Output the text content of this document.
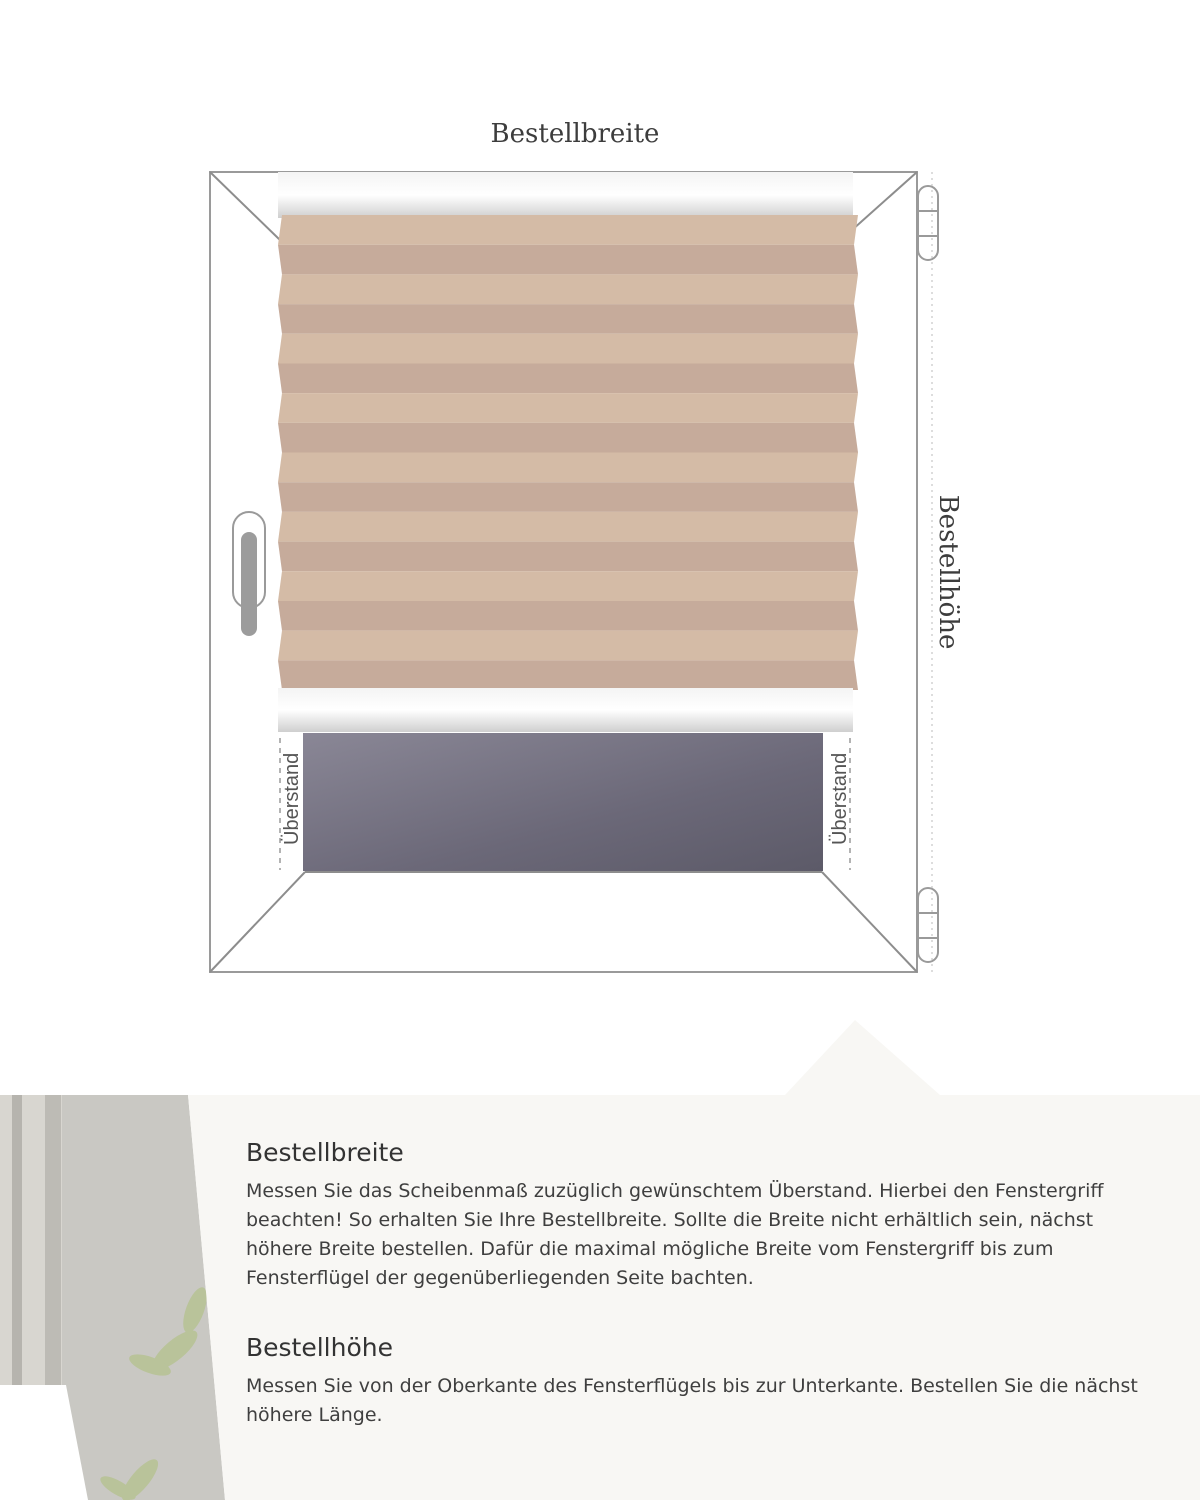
Bestellbreite
Überstand	Überstand
Bestellhöhe
Bestellbreite

Messen Sie das Scheibenmaß zuzüglich gewünschtem Überstand. Hierbei den Fenstergriff beachten! So erhalten Sie Ihre Bestellbreite. Sollte die Breite nicht erhältlich sein, nächst höhere Breite bestellen. Dafür die maximal mögliche Breite vom Fenstergriff bis zum Fensterflügel der gegenüberliegenden Seite bachten.

Bestellhöhe

Messen Sie von der Oberkante des Fensterflügels bis zur Unterkante. Bestellen Sie die nächst höhere Länge.
